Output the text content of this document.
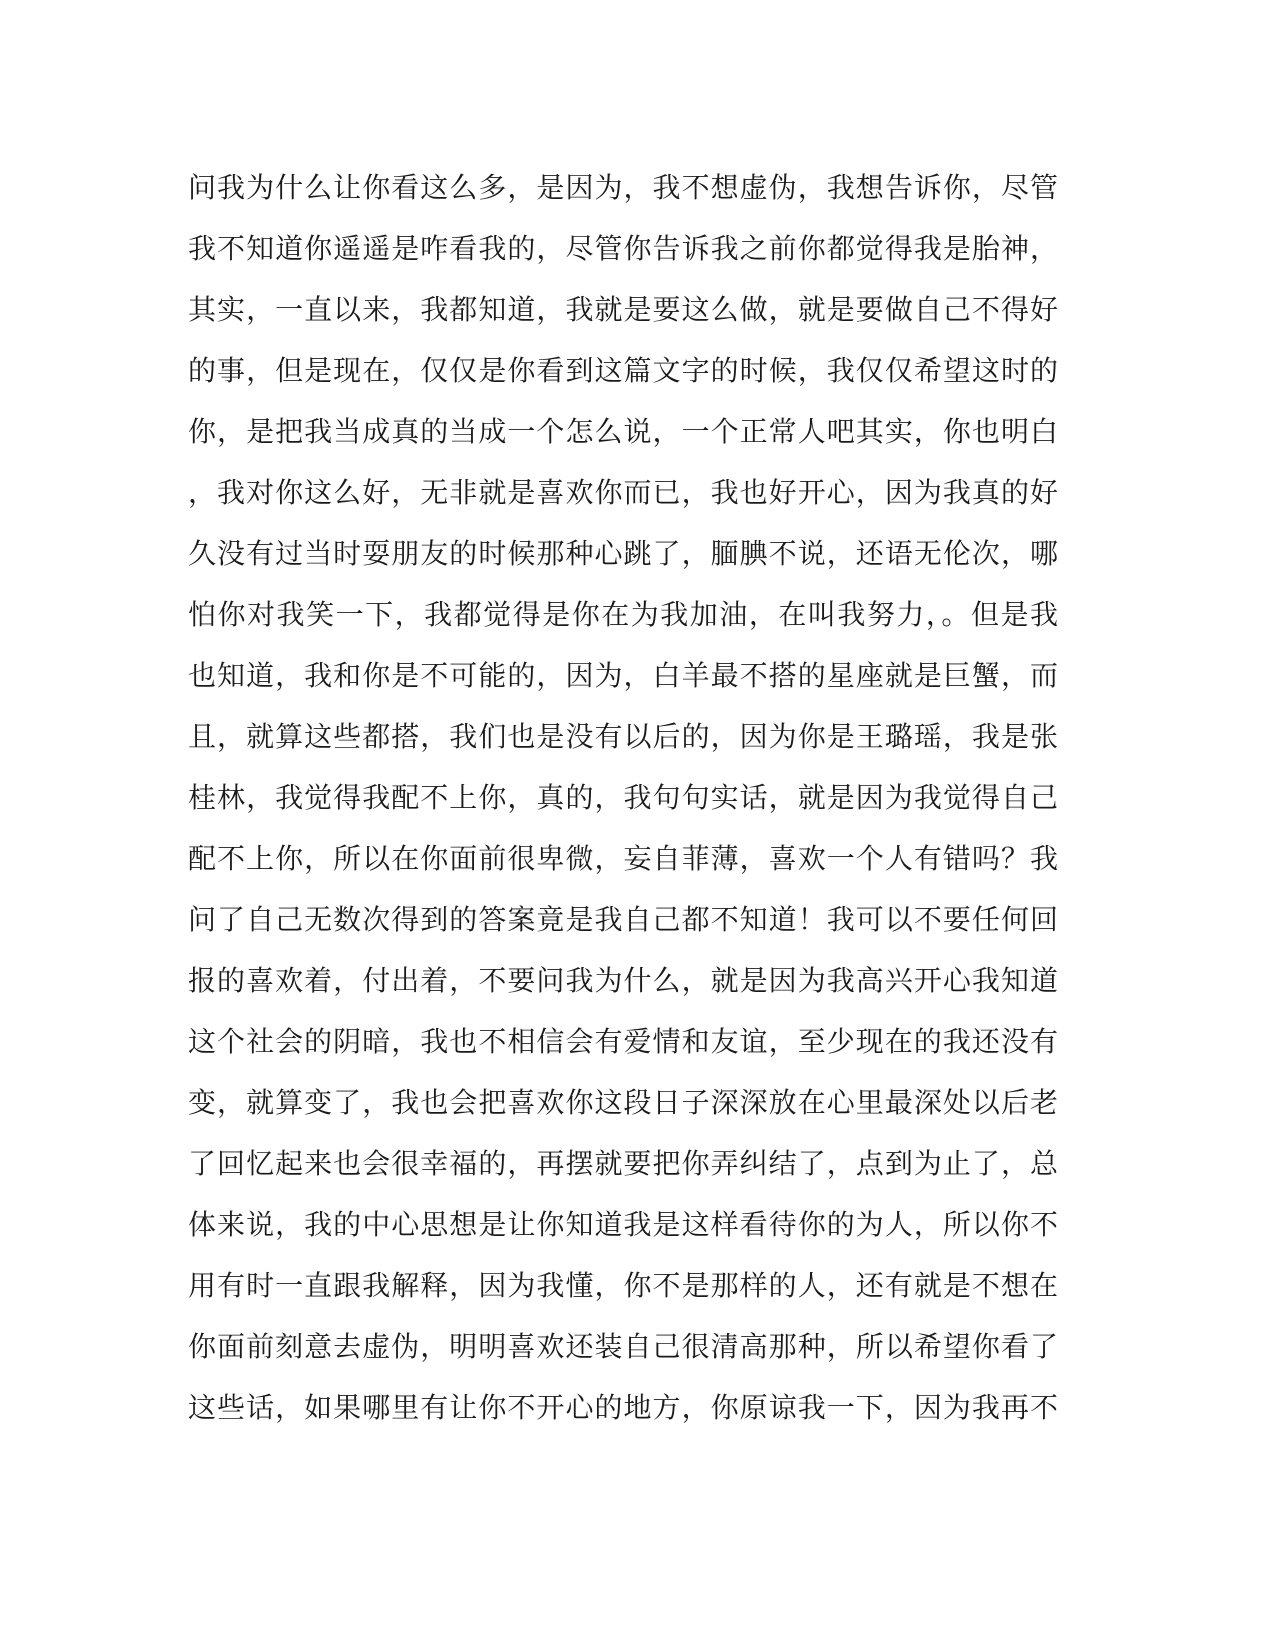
问我为什么让你看这么多，是因为，我不想虚伪，我想告诉你，尽管
我不知道你遥遥是咋看我的，尽管你告诉我之前你都觉得我是胎神，
其实，一直以来，我都知道，我就是要这么做，就是要做自己不得好
的事，但是现在，仅仅是你看到这篇文字的时候，我仅仅希望这时的
你，是把我当成真的当成一个怎么说，一个正常人吧其实，你也明白
，我对你这么好，无非就是喜欢你而已，我也好开心，因为我真的好
久没有过当时耍朋友的时候那种心跳了，腼腆不说，还语无伦次，哪
怕你对我笑一下，我都觉得是你在为我加油，在叫我努力，。但是我
也知道，我和你是不可能的，因为，白羊最不搭的星座就是巨蟹，而
且，就算这些都搭，我们也是没有以后的，因为你是王璐瑶，我是张
桂林，我觉得我配不上你，真的，我句句实话，就是因为我觉得自己
配不上你，所以在你面前很卑微，妄自菲薄，喜欢一个人有错吗？我
问了自己无数次得到的答案竟是我自己都不知道！我可以不要任何回
报的喜欢着，付出着，不要问我为什么，就是因为我高兴开心我知道
这个社会的阴暗，我也不相信会有爱情和友谊，至少现在的我还没有
变，就算变了，我也会把喜欢你这段日子深深放在心里最深处以后老
了回忆起来也会很幸福的，再摆就要把你弄纠结了，点到为止了，总
体来说，我的中心思想是让你知道我是这样看待你的为人，所以你不
用有时一直跟我解释，因为我懂，你不是那样的人，还有就是不想在
你面前刻意去虚伪，明明喜欢还装自己很清高那种，所以希望你看了
这些话，如果哪里有让你不开心的地方，你原谅我一下，因为我再不
